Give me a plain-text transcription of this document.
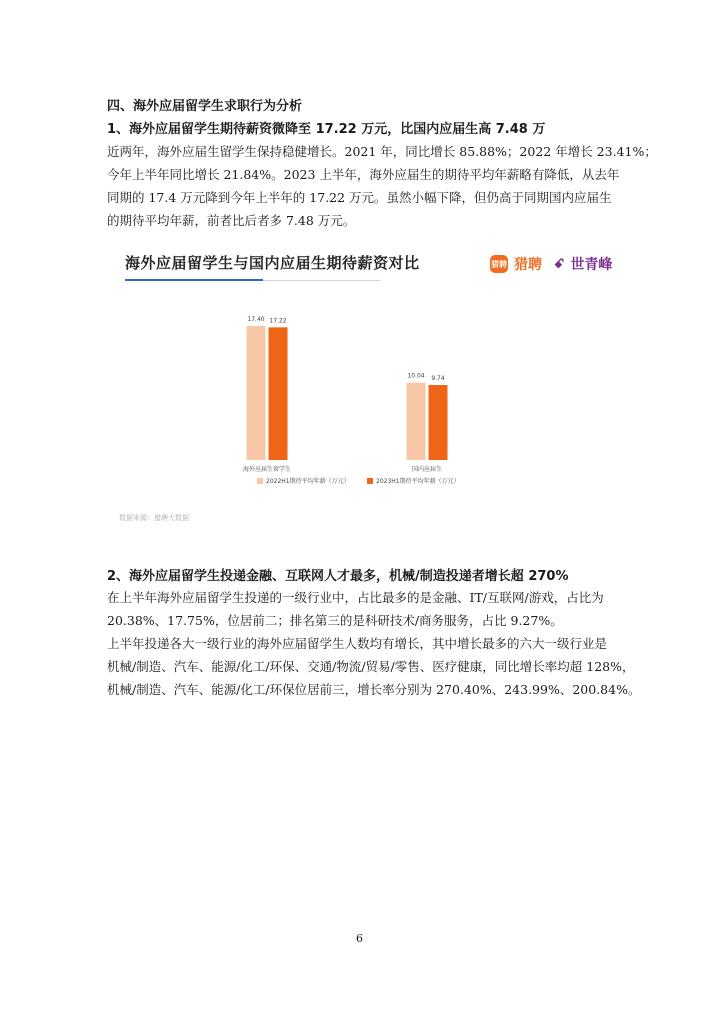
四、海外应届留学生求职行为分析
1、海外应届留学生期待薪资微降至 17.22 万元，比国内应届生高 7.48 万
近两年，海外应届生留学生保持稳健增长。2021 年，同比增长 85.88%；2022 年增长 23.41%；
今年上半年同比增长 21.84%。2023 上半年，海外应届生的期待平均年薪略有降低，从去年
同期的 17.4 万元降到今年上半年的 17.22 万元。虽然小幅下降，但仍高于同期国内应届生
的期待平均年薪，前者比后者多 7.48 万元。
海外应届留学生与国内应届生期待薪资对比	猎聘 猎聘 ꗃ 世青峰
17.40 17.22
海外应届生留学生
10.04 9.74
国内应届生
2022H1期待平均年薪（万元）	2023H1期待平均年薪（万元）
数据来源：猎聘大数据
2、海外应届留学生投递金融、互联网人才最多，机械/制造投递者增长超 270%
在上半年海外应届留学生投递的一级行业中，占比最多的是金融、IT/互联网/游戏，占比为
20.38%、17.75%，位居前二；排名第三的是科研技术/商务服务，占比 9.27%。
上半年投递各大一级行业的海外应届留学生人数均有增长，其中增长最多的六大一级行业是
机械/制造、汽车、能源/化工/环保、交通/物流/贸易/零售、医疗健康，同比增长率均超 128%，
机械/制造、汽车、能源/化工/环保位居前三，增长率分别为 270.40%、243.99%、200.84%。
6
